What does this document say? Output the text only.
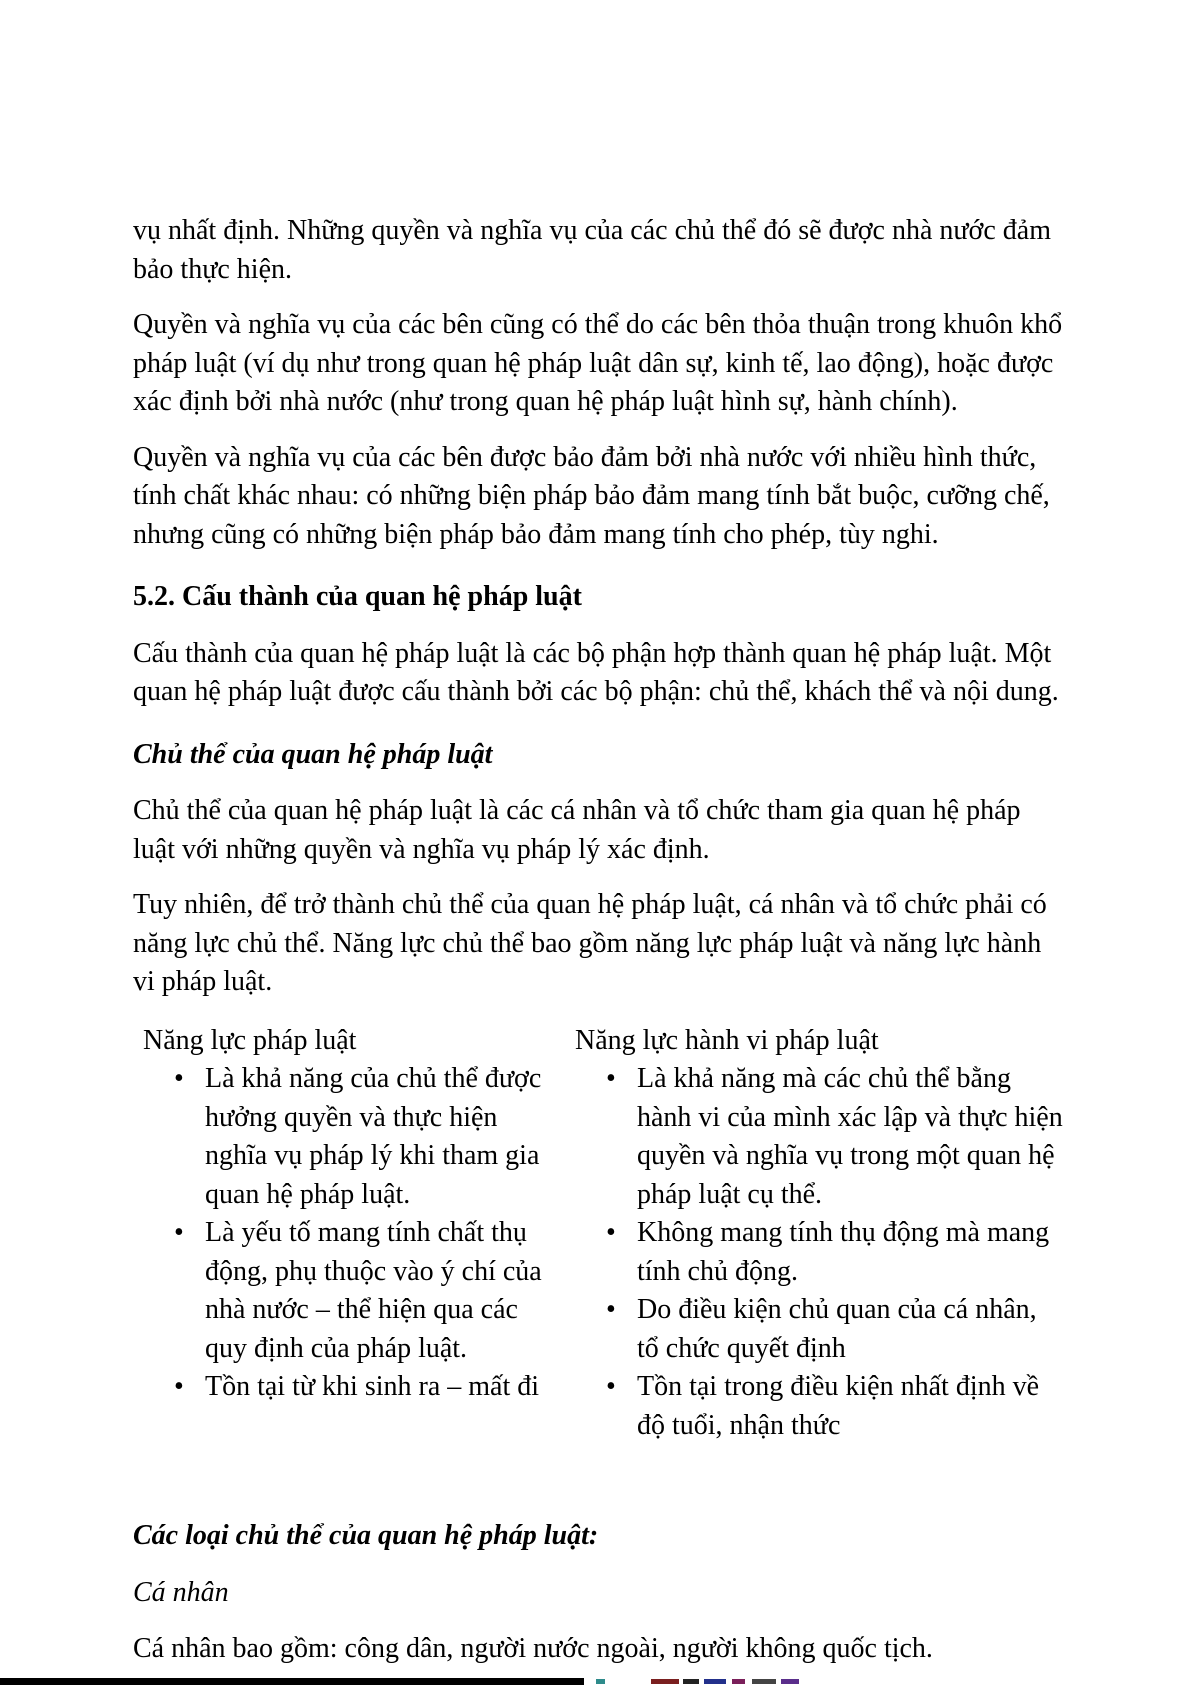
vụ nhất định. Những quyền và nghĩa vụ của các chủ thể đó sẽ được nhà nước đảm bảo thực hiện.

Quyền và nghĩa vụ của các bên cũng có thể do các bên thỏa thuận trong khuôn khổ pháp luật (ví dụ như trong quan hệ pháp luật dân sự, kinh tế, lao động), hoặc được xác định bởi nhà nước (như trong quan hệ pháp luật hình sự, hành chính).

Quyền và nghĩa vụ của các bên được bảo đảm bởi nhà nước với nhiều hình thức, tính chất khác nhau: có những biện pháp bảo đảm mang tính bắt buộc, cưỡng chế, nhưng cũng có những biện pháp bảo đảm mang tính cho phép, tùy nghi.

5.2. Cấu thành của quan hệ pháp luật

Cấu thành của quan hệ pháp luật là các bộ phận hợp thành quan hệ pháp luật. Một quan hệ pháp luật được cấu thành bởi các bộ phận: chủ thể, khách thể và nội dung.

Chủ thể của quan hệ pháp luật

Chủ thể của quan hệ pháp luật là các cá nhân và tổ chức tham gia quan hệ pháp luật với những quyền và nghĩa vụ pháp lý xác định.

Tuy nhiên, để trở thành chủ thể của quan hệ pháp luật, cá nhân và tổ chức phải có năng lực chủ thể. Năng lực chủ thể bao gồm năng lực pháp luật và năng lực hành vi pháp luật.

Năng lực pháp luật
• Là khả năng của chủ thể được hưởng quyền và thực hiện nghĩa vụ pháp lý khi tham gia quan hệ pháp luật.
• Là yếu tố mang tính chất thụ động, phụ thuộc vào ý chí của nhà nước – thể hiện qua các quy định của pháp luật.
• Tồn tại từ khi sinh ra – mất đi
Năng lực hành vi pháp luật
• Là khả năng mà các chủ thể bằng hành vi của mình xác lập và thực hiện quyền và nghĩa vụ trong một quan hệ pháp luật cụ thể.
• Không mang tính thụ động mà mang tính chủ động.
• Do điều kiện chủ quan của cá nhân, tổ chức quyết định
• Tồn tại trong điều kiện nhất định về độ tuổi, nhận thức
Các loại chủ thể của quan hệ pháp luật:

Cá nhân

Cá nhân bao gồm: công dân, người nước ngoài, người không quốc tịch.
